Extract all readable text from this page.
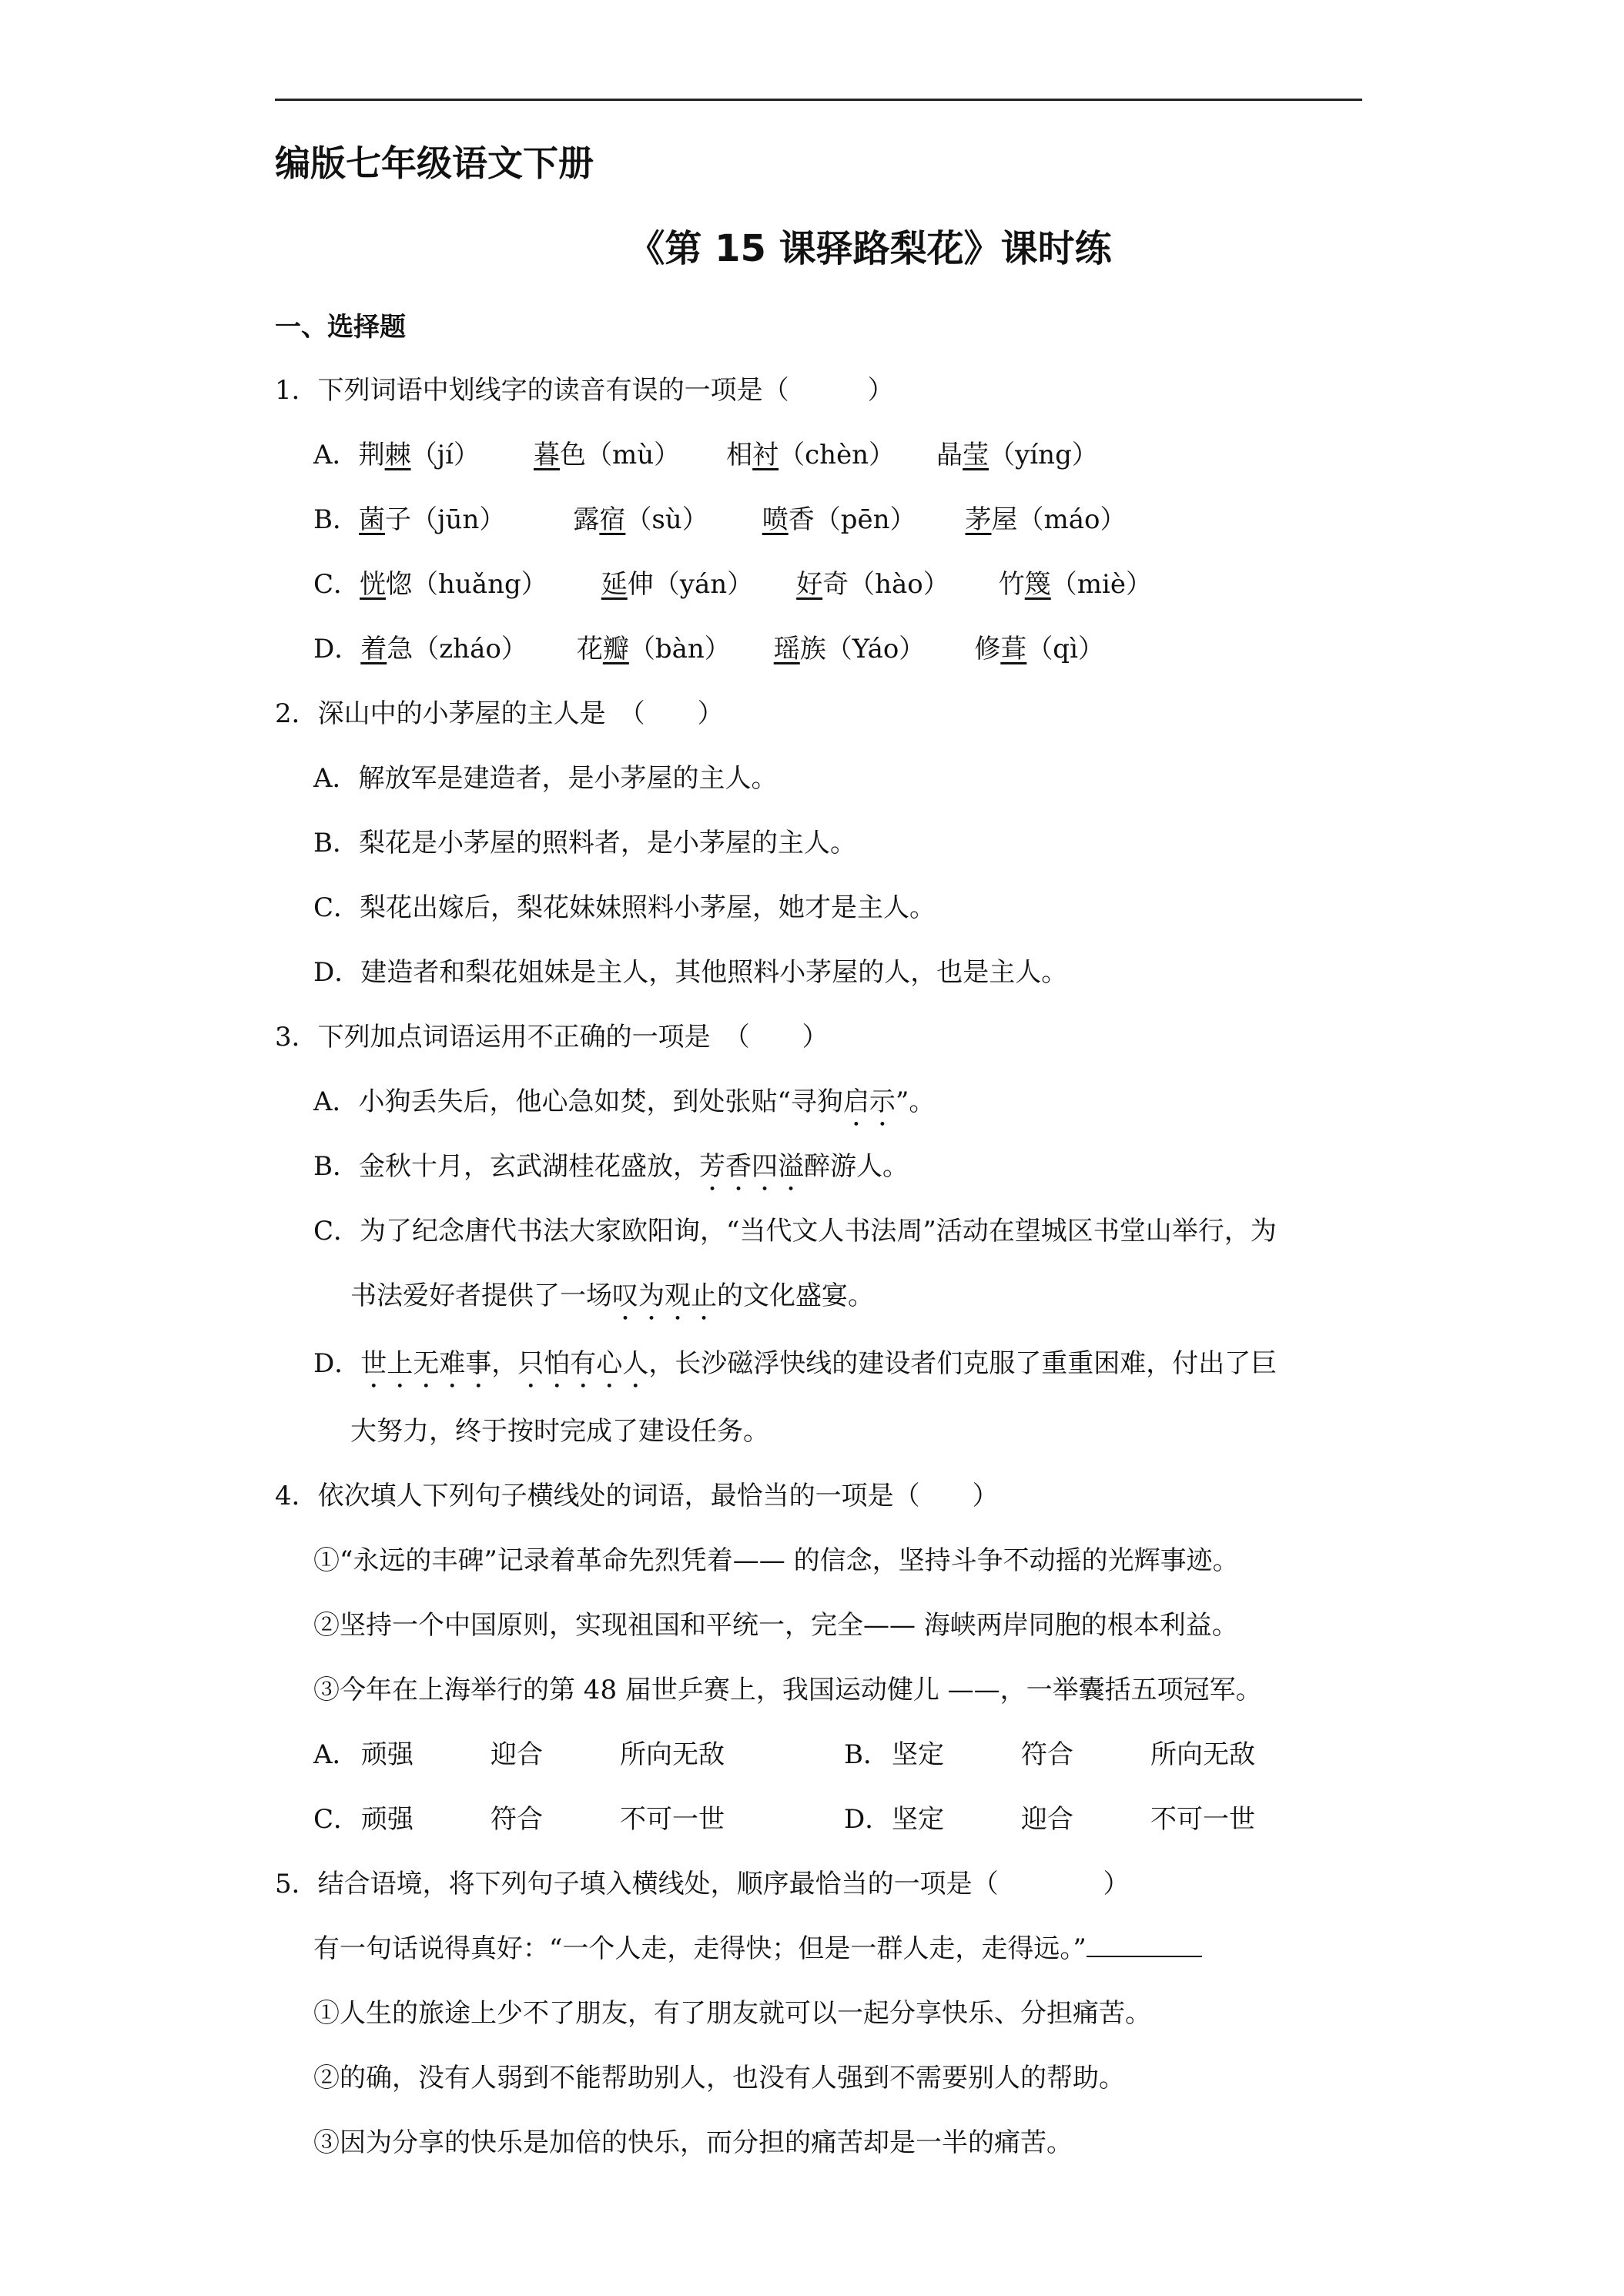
编版七年级语文下册
《第 15 课驿路梨花》课时练
一、选择题
1．下列词语中划线字的读音有误的一项是（　　　）
A．荆棘（jí） 暮色（mù） 相衬（chèn） 晶莹（yíng）
B．菌子（jūn）	露宿（sù） 喷香（pēn） 茅屋（máo）
C．恍惚（huǎng） 延伸（yán） 好奇（hào） 竹篾（miè）
D．着急（zháo） 花瓣（bàn） 瑶族（Yáo） 修葺（qì）
2．深山中的小茅屋的主人是　（　　）
A．解放军是建造者，是小茅屋的主人。
B．梨花是小茅屋的照料者，是小茅屋的主人。
C．梨花出嫁后，梨花妹妹照料小茅屋，她才是主人。
D．建造者和梨花姐妹是主人，其他照料小茅屋的人，也是主人。
3．下列加点词语运用不正确的一项是　（　　）
A．小狗丢失后，他心急如焚，到处张贴“寻狗启示”。
B．金秋十月，玄武湖桂花盛放，芳香四溢醉游人。
C．为了纪念唐代书法大家欧阳询，“当代文人书法周”活动在望城区书堂山举行，为
书法爱好者提供了一场叹为观止的文化盛宴。
D．世上无难事，只怕有心人，长沙磁浮快线的建设者们克服了重重困难，付出了巨
大努力，终于按时完成了建设任务。
4．依次填人下列句子横线处的词语，最恰当的一项是（　　）
①“永远的丰碑”记录着革命先烈凭着—— 的信念，坚持斗争不动摇的光辉事迹。
②坚持一个中国原则，实现祖国和平统一，完全—— 海峡两岸同胞的根本利益。
③今年在上海举行的第 48 届世乒赛上，我国运动健儿 ——，一举囊括五项冠军。
A． 顽强	迎合	所向无敌	B．坚定	符合	所向无敌
C．顽强	符合	不可一世	D．坚定	迎合	不可一世
5．结合语境，将下列句子填入横线处，顺序最恰当的一项是（　　　　）
有一句话说得真好：“一个人走，走得快；但是一群人走，走得远。”
①人生的旅途上少不了朋友，有了朋友就可以一起分享快乐、分担痛苦。
②的确，没有人弱到不能帮助别人，也没有人强到不需要别人的帮助。
③因为分享的快乐是加倍的快乐，而分担的痛苦却是一半的痛苦。
